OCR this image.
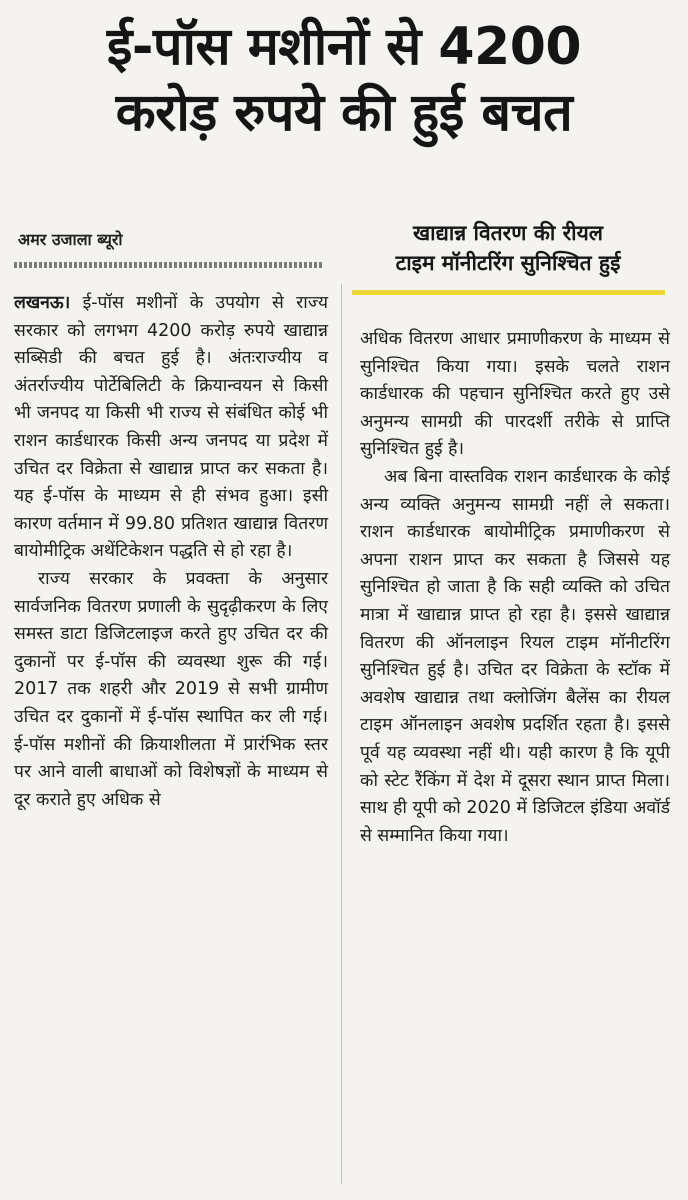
ई-पॉस मशीनों से 4200
करोड़ रुपये की हुई बचत
अमर उजाला ब्यूरो	खाद्यान्न वितरण की रीयल
टाइम मॉनीटरिंग सुनिश्चित हुई

लखनऊ। ई-पॉस मशीनों के उपयोग से राज्य सरकार को लगभग 4200 करोड़ रुपये खाद्यान्न सब्सिडी की बचत हुई है। अंतःराज्यीय व अंतर्राज्यीय पोर्टेबिलिटी के क्रियान्वयन से किसी भी जनपद या किसी भी राज्य से संबंधित कोई भी राशन कार्डधारक किसी अन्य जनपद या प्रदेश में उचित दर विक्रेता से खाद्यान्न प्राप्त कर सकता है। यह ई-पॉस के माध्यम से ही संभव हुआ। इसी कारण वर्तमान में 99.80 प्रतिशत खाद्यान्न वितरण बायोमीट्रिक अथेंटिकेशन पद्धति से हो रहा है।

राज्य सरकार के प्रवक्ता के अनुसार सार्वजनिक वितरण प्रणाली के सुदृढ़ीकरण के लिए समस्त डाटा डिजिटलाइज करते हुए उचित दर की दुकानों पर ई-पॉस की व्यवस्था शुरू की गई। 2017 तक शहरी और 2019 से सभी ग्रामीण उचित दर दुकानों में ई-पॉस स्थापित कर ली गई। ई-पॉस मशीनों की क्रियाशीलता में प्रारंभिक स्तर पर आने वाली बाधाओं को विशेषज्ञों के माध्यम से दूर कराते हुए अधिक से

अधिक वितरण आधार प्रमाणीकरण के माध्यम से सुनिश्चित किया गया। इसके चलते राशन कार्डधारक की पहचान सुनिश्चित करते हुए उसे अनुमन्य सामग्री की पारदर्शी तरीके से प्राप्ति सुनिश्चित हुई है।

अब बिना वास्तविक राशन कार्डधारक के कोई अन्य व्यक्ति अनुमन्य सामग्री नहीं ले सकता। राशन कार्डधारक बायोमीट्रिक प्रमाणीकरण से अपना राशन प्राप्त कर सकता है जिससे यह सुनिश्चित हो जाता है कि सही व्यक्ति को उचित मात्रा में खाद्यान्न प्राप्त हो रहा है। इससे खाद्यान्न वितरण की ऑनलाइन रियल टाइम मॉनीटरिंग सुनिश्चित हुई है। उचित दर विक्रेता के स्टॉक में अवशेष खाद्यान्न तथा क्लोजिंग बैलेंस का रीयल टाइम ऑनलाइन अवशेष प्रदर्शित रहता है। इससे पूर्व यह व्यवस्था नहीं थी। यही कारण है कि यूपी को स्टेट रैंकिंग में देश में दूसरा स्थान प्राप्त मिला। साथ ही यूपी को 2020 में डिजिटल इंडिया अवॉर्ड से सम्मानित किया गया।
